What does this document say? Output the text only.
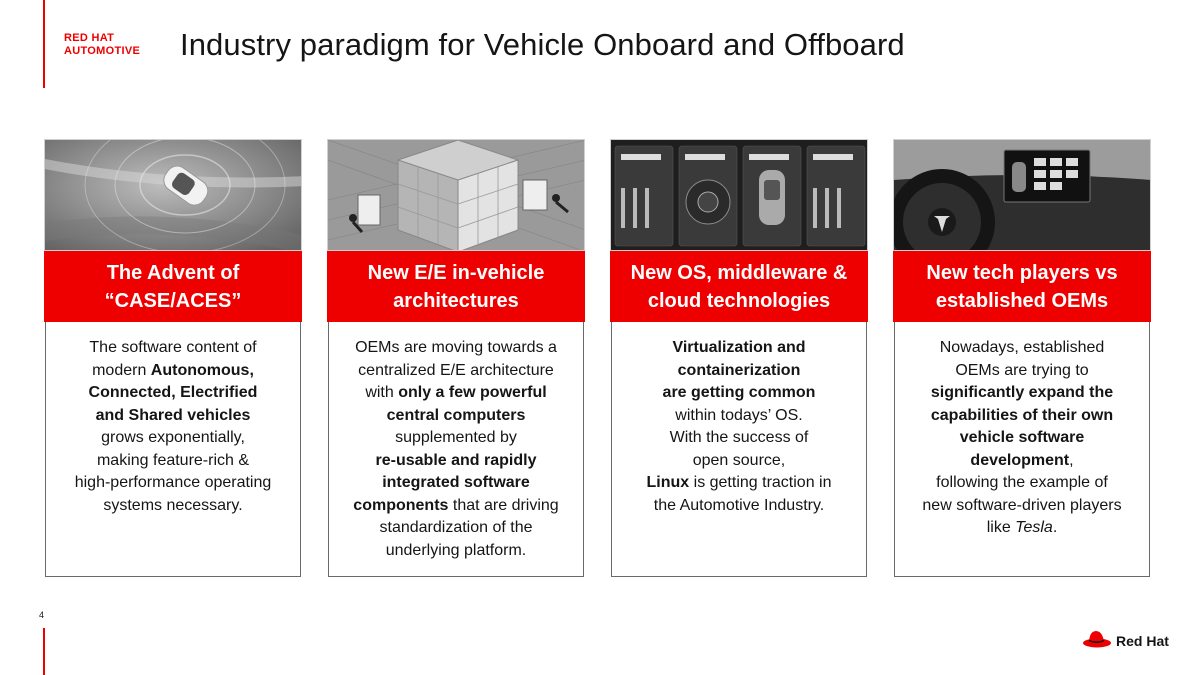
RED HAT
AUTOMOTIVE Industry paradigm for Vehicle Onboard and Offboard
The Advent of
“CASE/ACES”
The software content of
modern Autonomous,
Connected, Electrified
and Shared vehicles
grows exponentially,
making feature-rich &
high-performance operating
systems necessary.
New E/E in-vehicle
architectures
OEMs are moving towards a
centralized E/E architecture
with only a few powerful
central computers
supplemented by
re-usable and rapidly
integrated software
components that are driving
standardization of the
underlying platform.
New OS, middleware &
cloud technologies
Virtualization and
containerization
are getting common
within todays’ OS.
With the success of
open source,
Linux is getting traction in
the Automotive Industry.
New tech players vs
established OEMs
Nowadays, established
OEMs are trying to
significantly expand the
capabilities of their own
vehicle software
development,
following the example of
new software-driven players
like Tesla.
4
Red Hat
